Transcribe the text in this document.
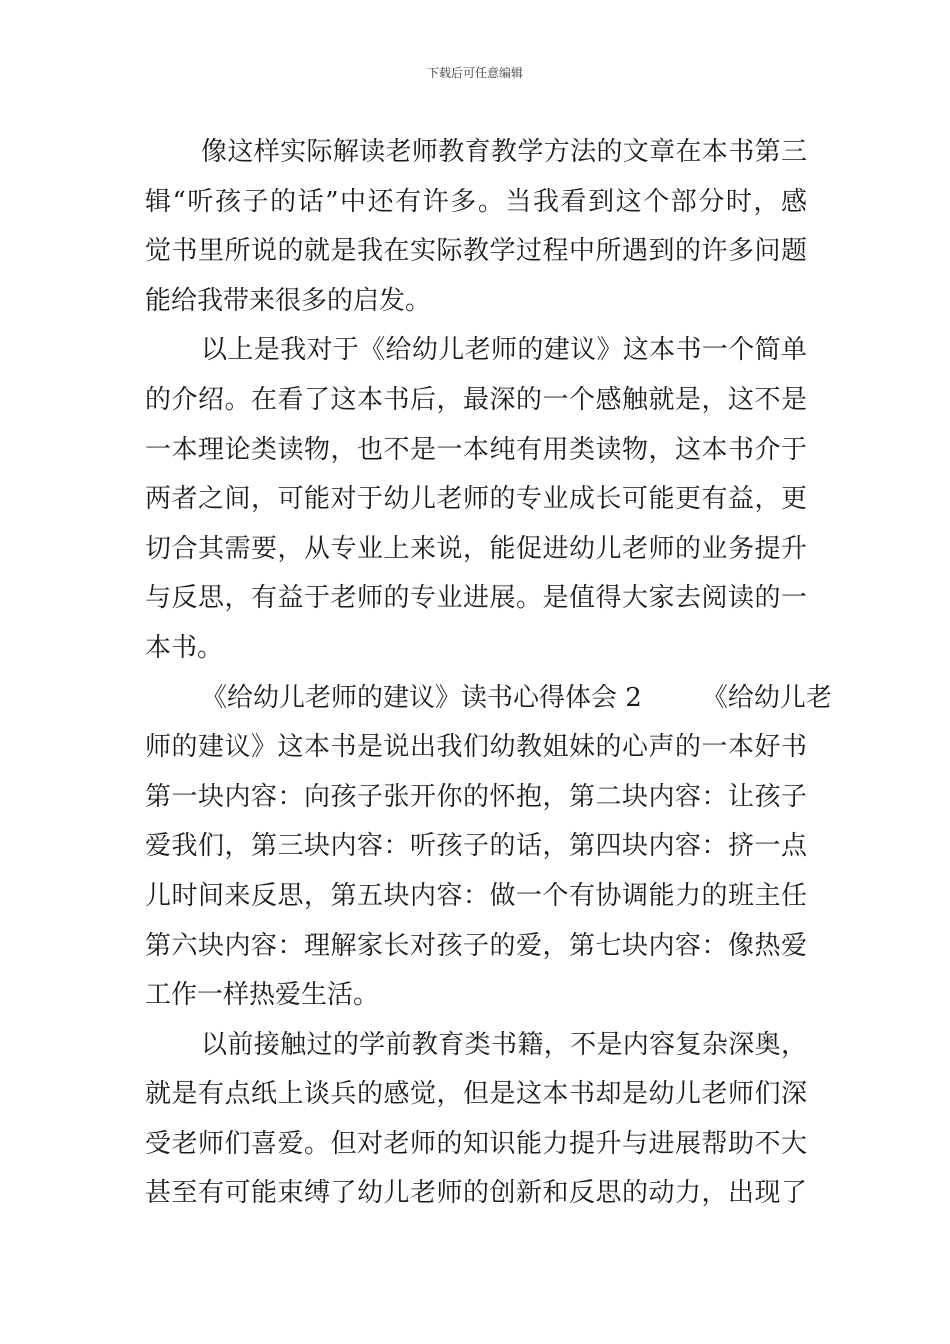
下载后可任意编辑
像这样实际解读老师教育教学方法的文章在本书第三
辑“听孩子的话”中还有许多。当我看到这个部分时，感
觉书里所说的就是我在实际教学过程中所遇到的许多问题
能给我带来很多的启发。
以上是我对于《给幼儿老师的建议》这本书一个简单
的介绍。在看了这本书后，最深的一个感触就是，这不是
一本理论类读物，也不是一本纯有用类读物，这本书介于
两者之间，可能对于幼儿老师的专业成长可能更有益，更
切合其需要，从专业上来说，能促进幼儿老师的业务提升
与反思，有益于老师的专业进展。是值得大家去阅读的一
本书。
《给幼儿老师的建议》读书心得体会 2 《给幼儿老
师的建议》这本书是说出我们幼教姐妹的心声的一本好书
第一块内容：向孩子张开你的怀抱，第二块内容：让孩子
爱我们，第三块内容：听孩子的话，第四块内容：挤一点
儿时间来反思，第五块内容：做一个有协调能力的班主任
第六块内容：理解家长对孩子的爱，第七块内容：像热爱
工作一样热爱生活。
以前接触过的学前教育类书籍，不是内容复杂深奥，
就是有点纸上谈兵的感觉，但是这本书却是幼儿老师们深
受老师们喜爱。但对老师的知识能力提升与进展帮助不大
甚至有可能束缚了幼儿老师的创新和反思的动力，出现了
